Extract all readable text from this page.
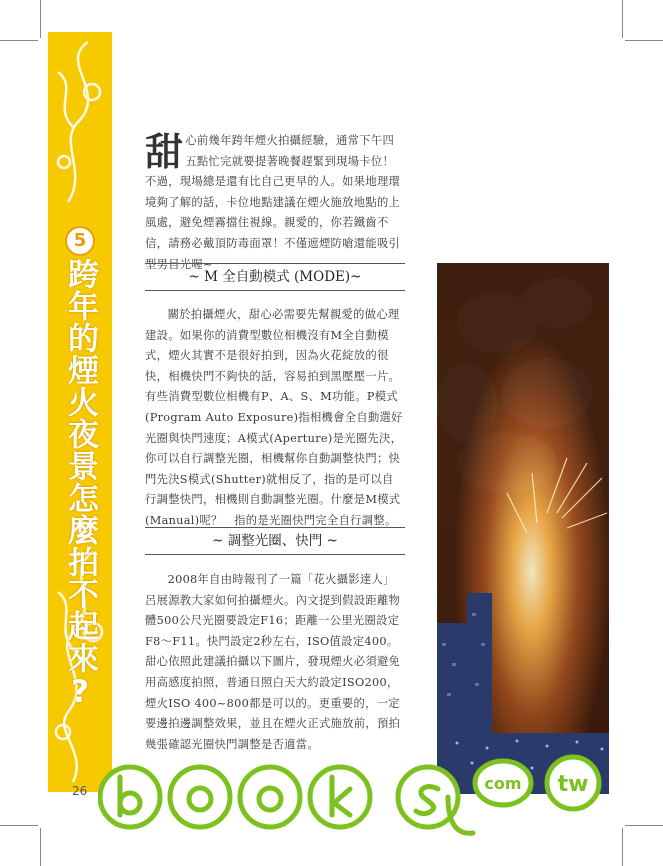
5
跨年的煙火夜景怎麼拍不起來?
甜 心前幾年跨年煙火拍攝經驗，通常下午四五點忙完就要提著晚餐趕緊到現場卡位！不過，現場總是還有比自己更早的人。如果地理環境夠了解的話，卡位地點建議在煙火施放地點的上風處，避免煙霧擋住視線。親愛的，你若鐵齒不信，請務必戴頂防毒面罩！不僅遮煙防嗆還能吸引型男目光喔~
~ M 全自動模式 (MODE)~

關於拍攝煙火，甜心必需要先幫親愛的做心理建設。如果你的消費型數位相機沒有M全自動模式，煙火其實不是很好拍到，因為火花綻放的很快，相機快門不夠快的話，容易拍到黑壓壓一片。有些消費型數位相機有P、A、S、M功能。P模式(Program Auto Exposure)指相機會全自動選好光圈與快門速度；A模式(Aperture)是光圈先決，你可以自行調整光圈，相機幫你自動調整快門；快門先決S模式(Shutter)就相反了，指的是可以自行調整快門，相機則自動調整光圈。什麼是M模式(Manual)呢？　指的是光圈快門完全自行調整。

~ 調整光圈、快門 ~

2008年自由時報刊了一篇「花火攝影達人」呂展源教大家如何拍攝煙火。內文提到假設距離物體500公尺光圈要設定F16；距離一公里光圈設定F8～F11。快門設定2秒左右，ISO值設定400。甜心依照此建議拍攝以下圖片，發現煙火必須避免用高感度拍照，普通日照白天大約設定ISO200，煙火ISO 400~800都是可以的。更重要的，一定要邊拍邊調整效果，並且在煙火正式施放前，預拍幾張確認光圈快門調整是否適當。

26	com tw
